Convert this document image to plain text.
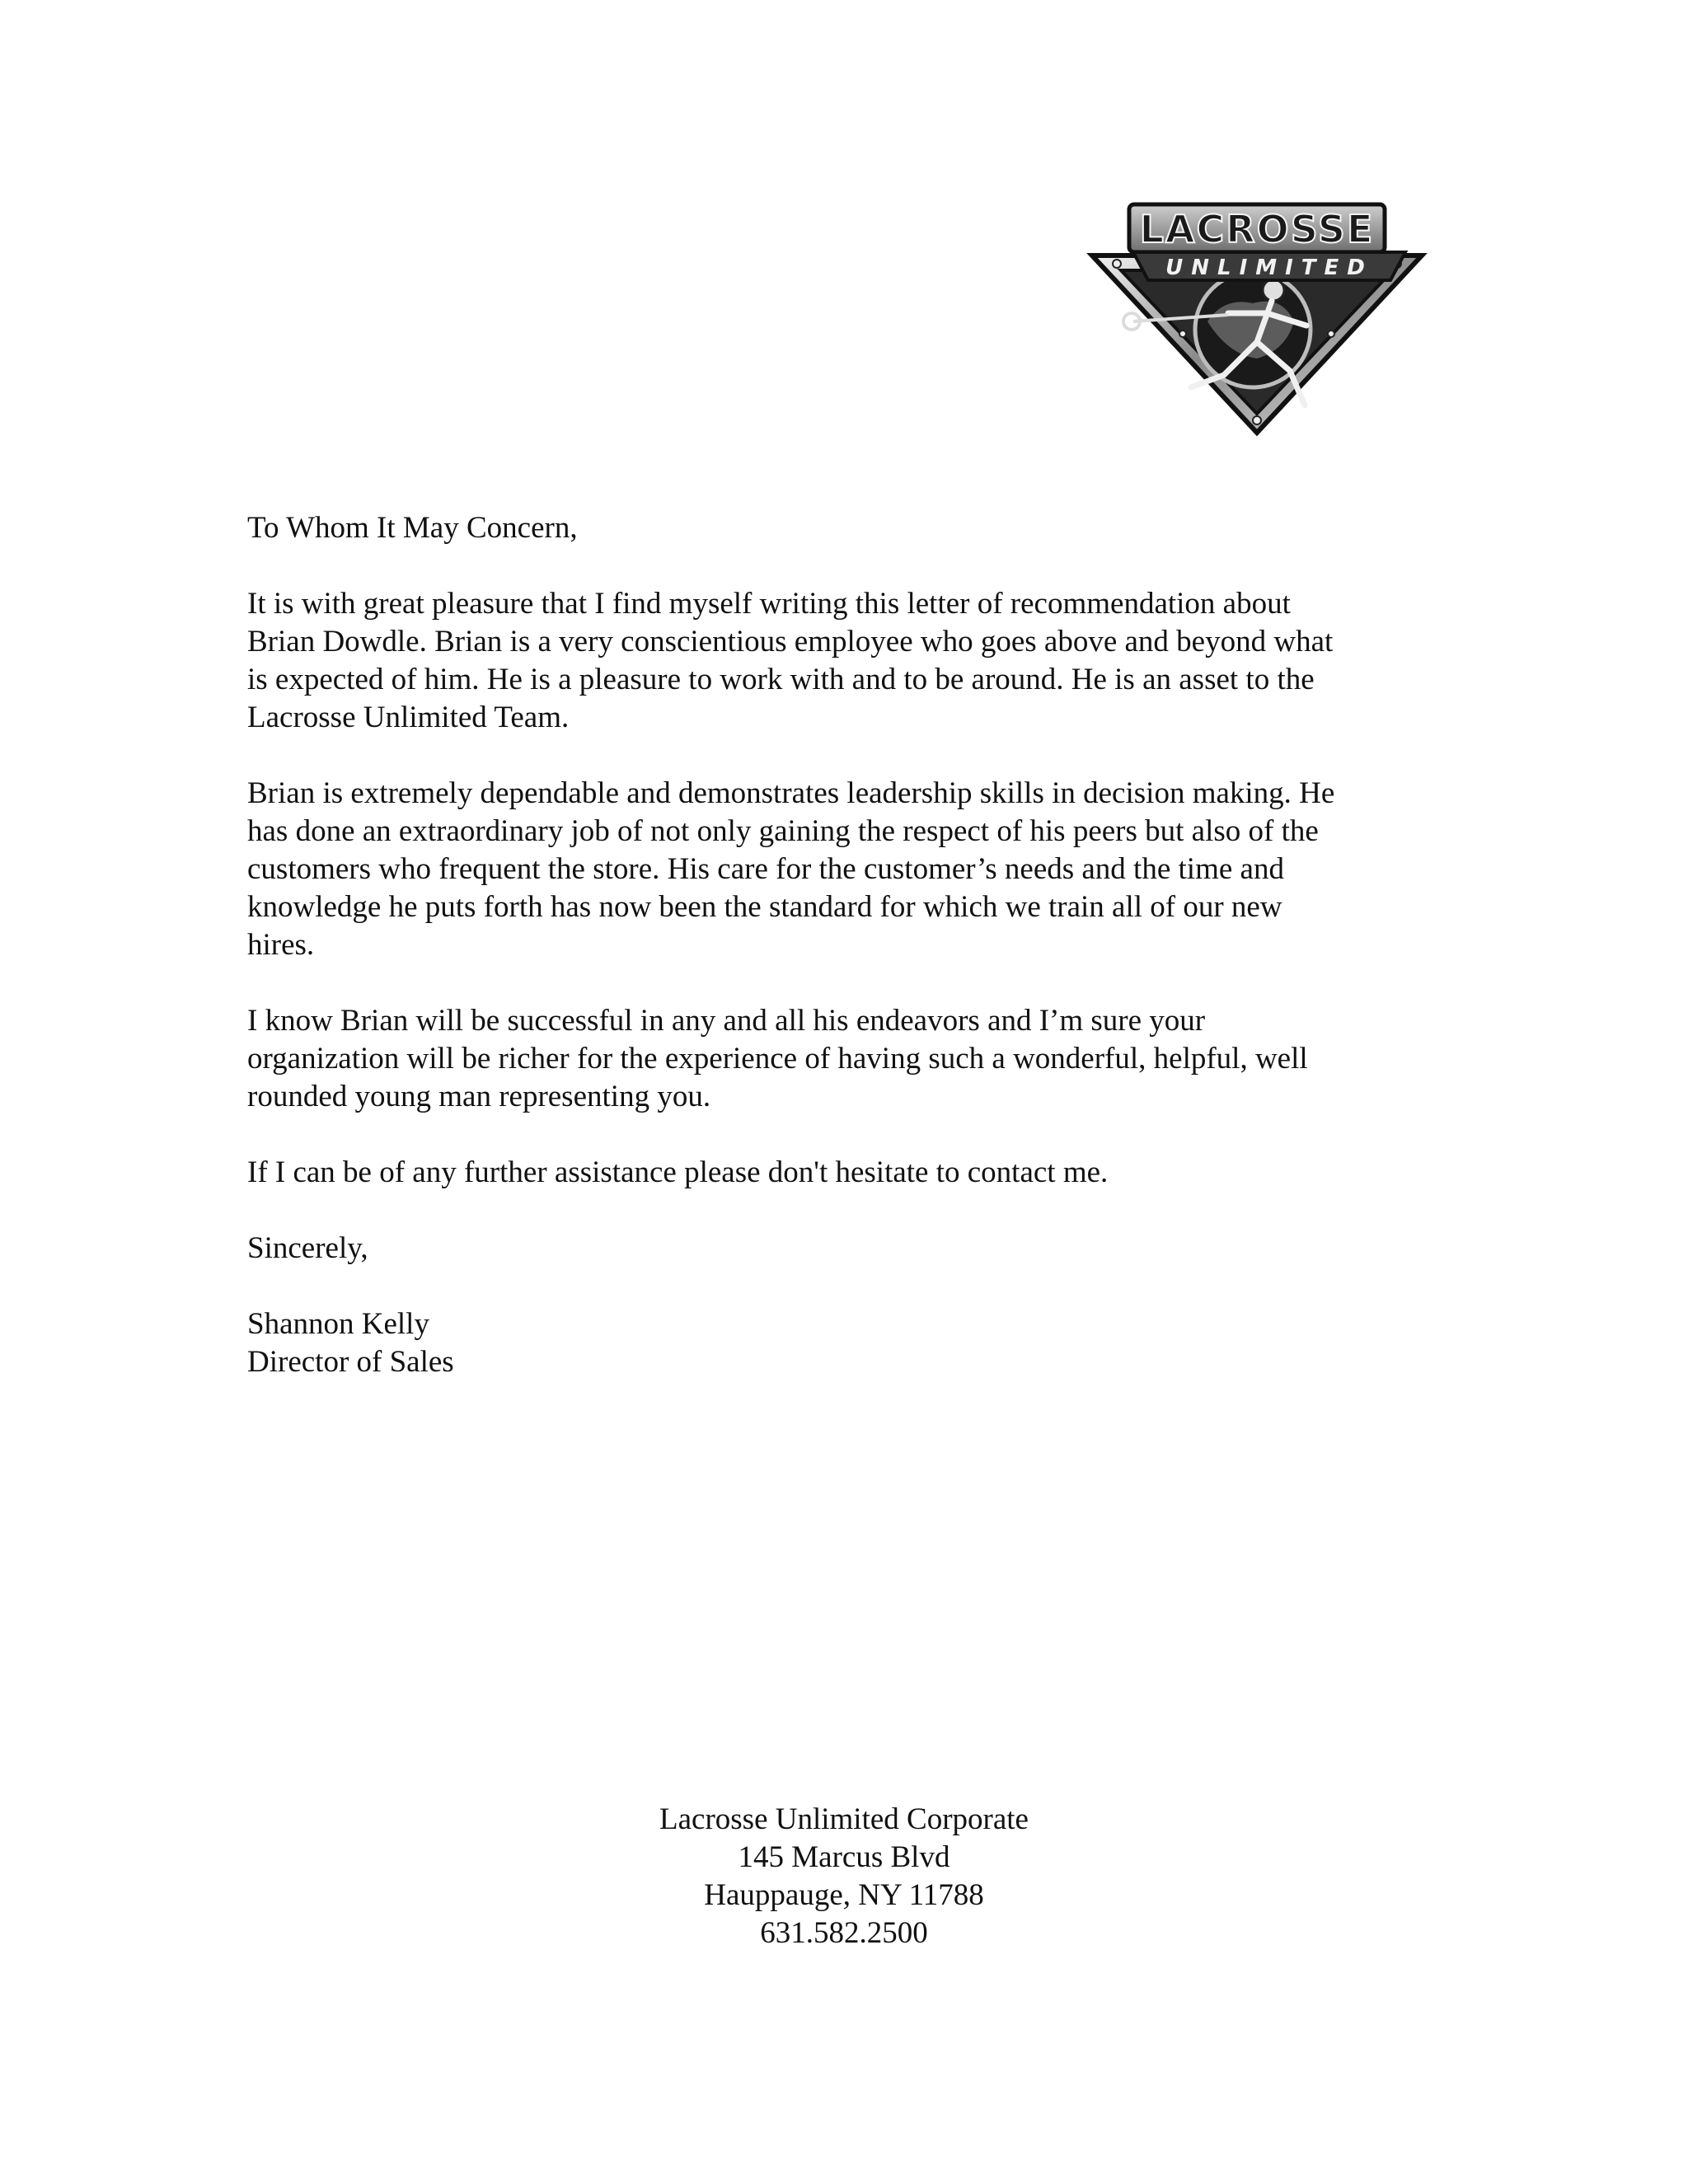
LACROSSE
UNLIMITED

To Whom It May Concern,

It is with great pleasure that I find myself writing this letter of recommendation about
Brian Dowdle. Brian is a very conscientious employee who goes above and beyond what
is expected of him. He is a pleasure to work with and to be around. He is an asset to the
Lacrosse Unlimited Team.

Brian is extremely dependable and demonstrates leadership skills in decision making. He
has done an extraordinary job of not only gaining the respect of his peers but also of the
customers who frequent the store. His care for the customer’s needs and the time and
knowledge he puts forth has now been the standard for which we train all of our new
hires.

I know Brian will be successful in any and all his endeavors and I’m sure your
organization will be richer for the experience of having such a wonderful, helpful, well
rounded young man representing you.

If I can be of any further assistance please don't hesitate to contact me.

Sincerely,

Shannon Kelly

Director of Sales

Lacrosse Unlimited Corporate
145 Marcus Blvd
Hauppauge, NY 11788
631.582.2500
